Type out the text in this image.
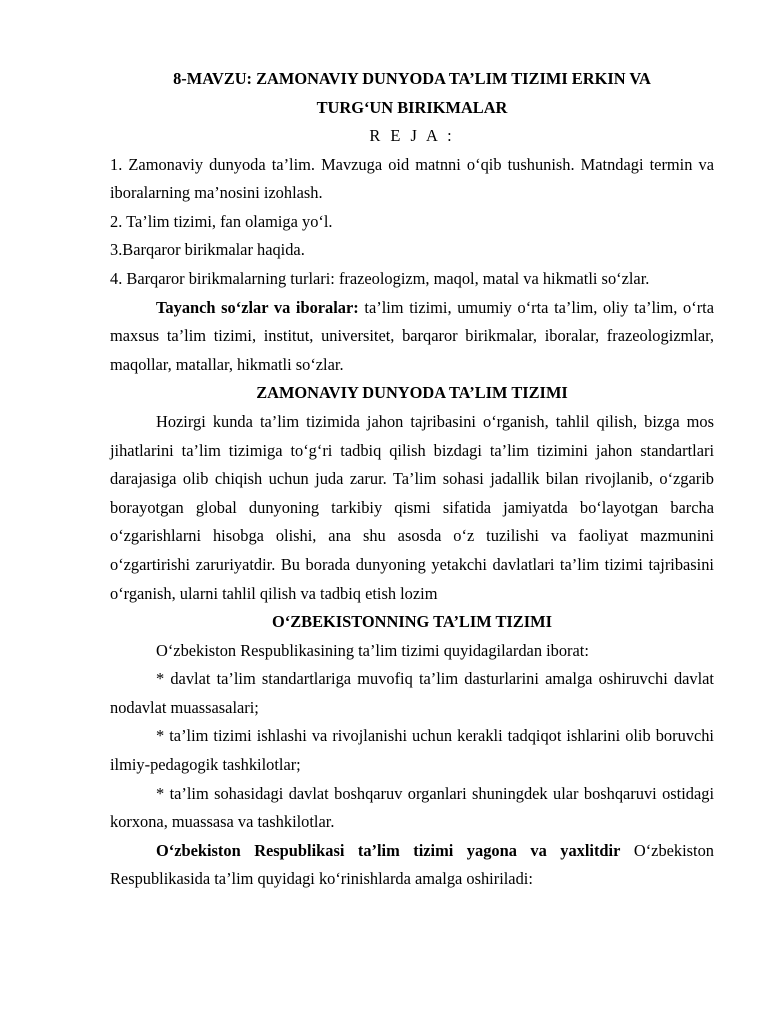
8-MAVZU: ZAMONAVIY DUNYODA TA’LIM TIZIMI ERKIN VA

TURG‘UN BIRIKMALAR

R E J A :

1. Zamonaviy dunyoda ta’lim. Mavzuga oid matnni o‘qib tushunish. Matndagi termin va iboralarning ma’nosini izohlash.

2. Ta’lim tizimi, fan olamiga yo‘l.

3.Barqaror birikmalar haqida.

4. Barqaror birikmalarning turlari: frazeologizm, maqol, matal va hikmatli so‘zlar.

Tayanch so‘zlar va iboralar: ta’lim tizimi, umumiy o‘rta ta’lim, oliy ta’lim, o‘rta maxsus ta’lim tizimi, institut, universitet, barqaror birikmalar, iboralar, frazeologizmlar, maqollar, matallar, hikmatli so‘zlar.

ZAMONAVIY DUNYODA TA’LIM TIZIMI

Hozirgi kunda ta’lim tizimida jahon tajribasini o‘rganish, tahlil qilish, bizga mos jihatlarini ta’lim tizimiga to‘g‘ri tadbiq qilish bizdagi ta’lim tizimini jahon standartlari darajasiga olib chiqish uchun juda zarur. Ta’lim sohasi jadallik bilan rivojlanib, o‘zgarib borayotgan global dunyoning tarkibiy qismi sifatida jamiyatda bo‘layotgan barcha o‘zgarishlarni hisobga olishi, ana shu asosda o‘z tuzilishi va faoliyat mazmunini o‘zgartirishi zaruriyatdir. Bu borada dunyoning yetakchi davlatlari ta’lim tizimi tajribasini o‘rganish, ularni tahlil qilish va tadbiq etish lozim

O‘ZBEKISTONNING TA’LIM TIZIMI

O‘zbekiston Respublikasining ta’lim tizimi quyidagilardan iborat:

* davlat ta’lim standartlariga muvofiq ta’lim dasturlarini amalga oshiruvchi davlat nodavlat muassasalari;

* ta’lim tizimi ishlashi va rivojlanishi uchun kerakli tadqiqot ishlarini olib boruvchi ilmiy-pedagogik tashkilotlar;

* ta’lim sohasidagi davlat boshqaruv organlari shuningdek ular boshqaruvi ostidagi korxona, muassasa va tashkilotlar.

O‘zbekiston Respublikasi ta’lim tizimi yagona va yaxlitdir O‘zbekiston Respublikasida ta’lim quyidagi ko‘rinishlarda amalga oshiriladi:
